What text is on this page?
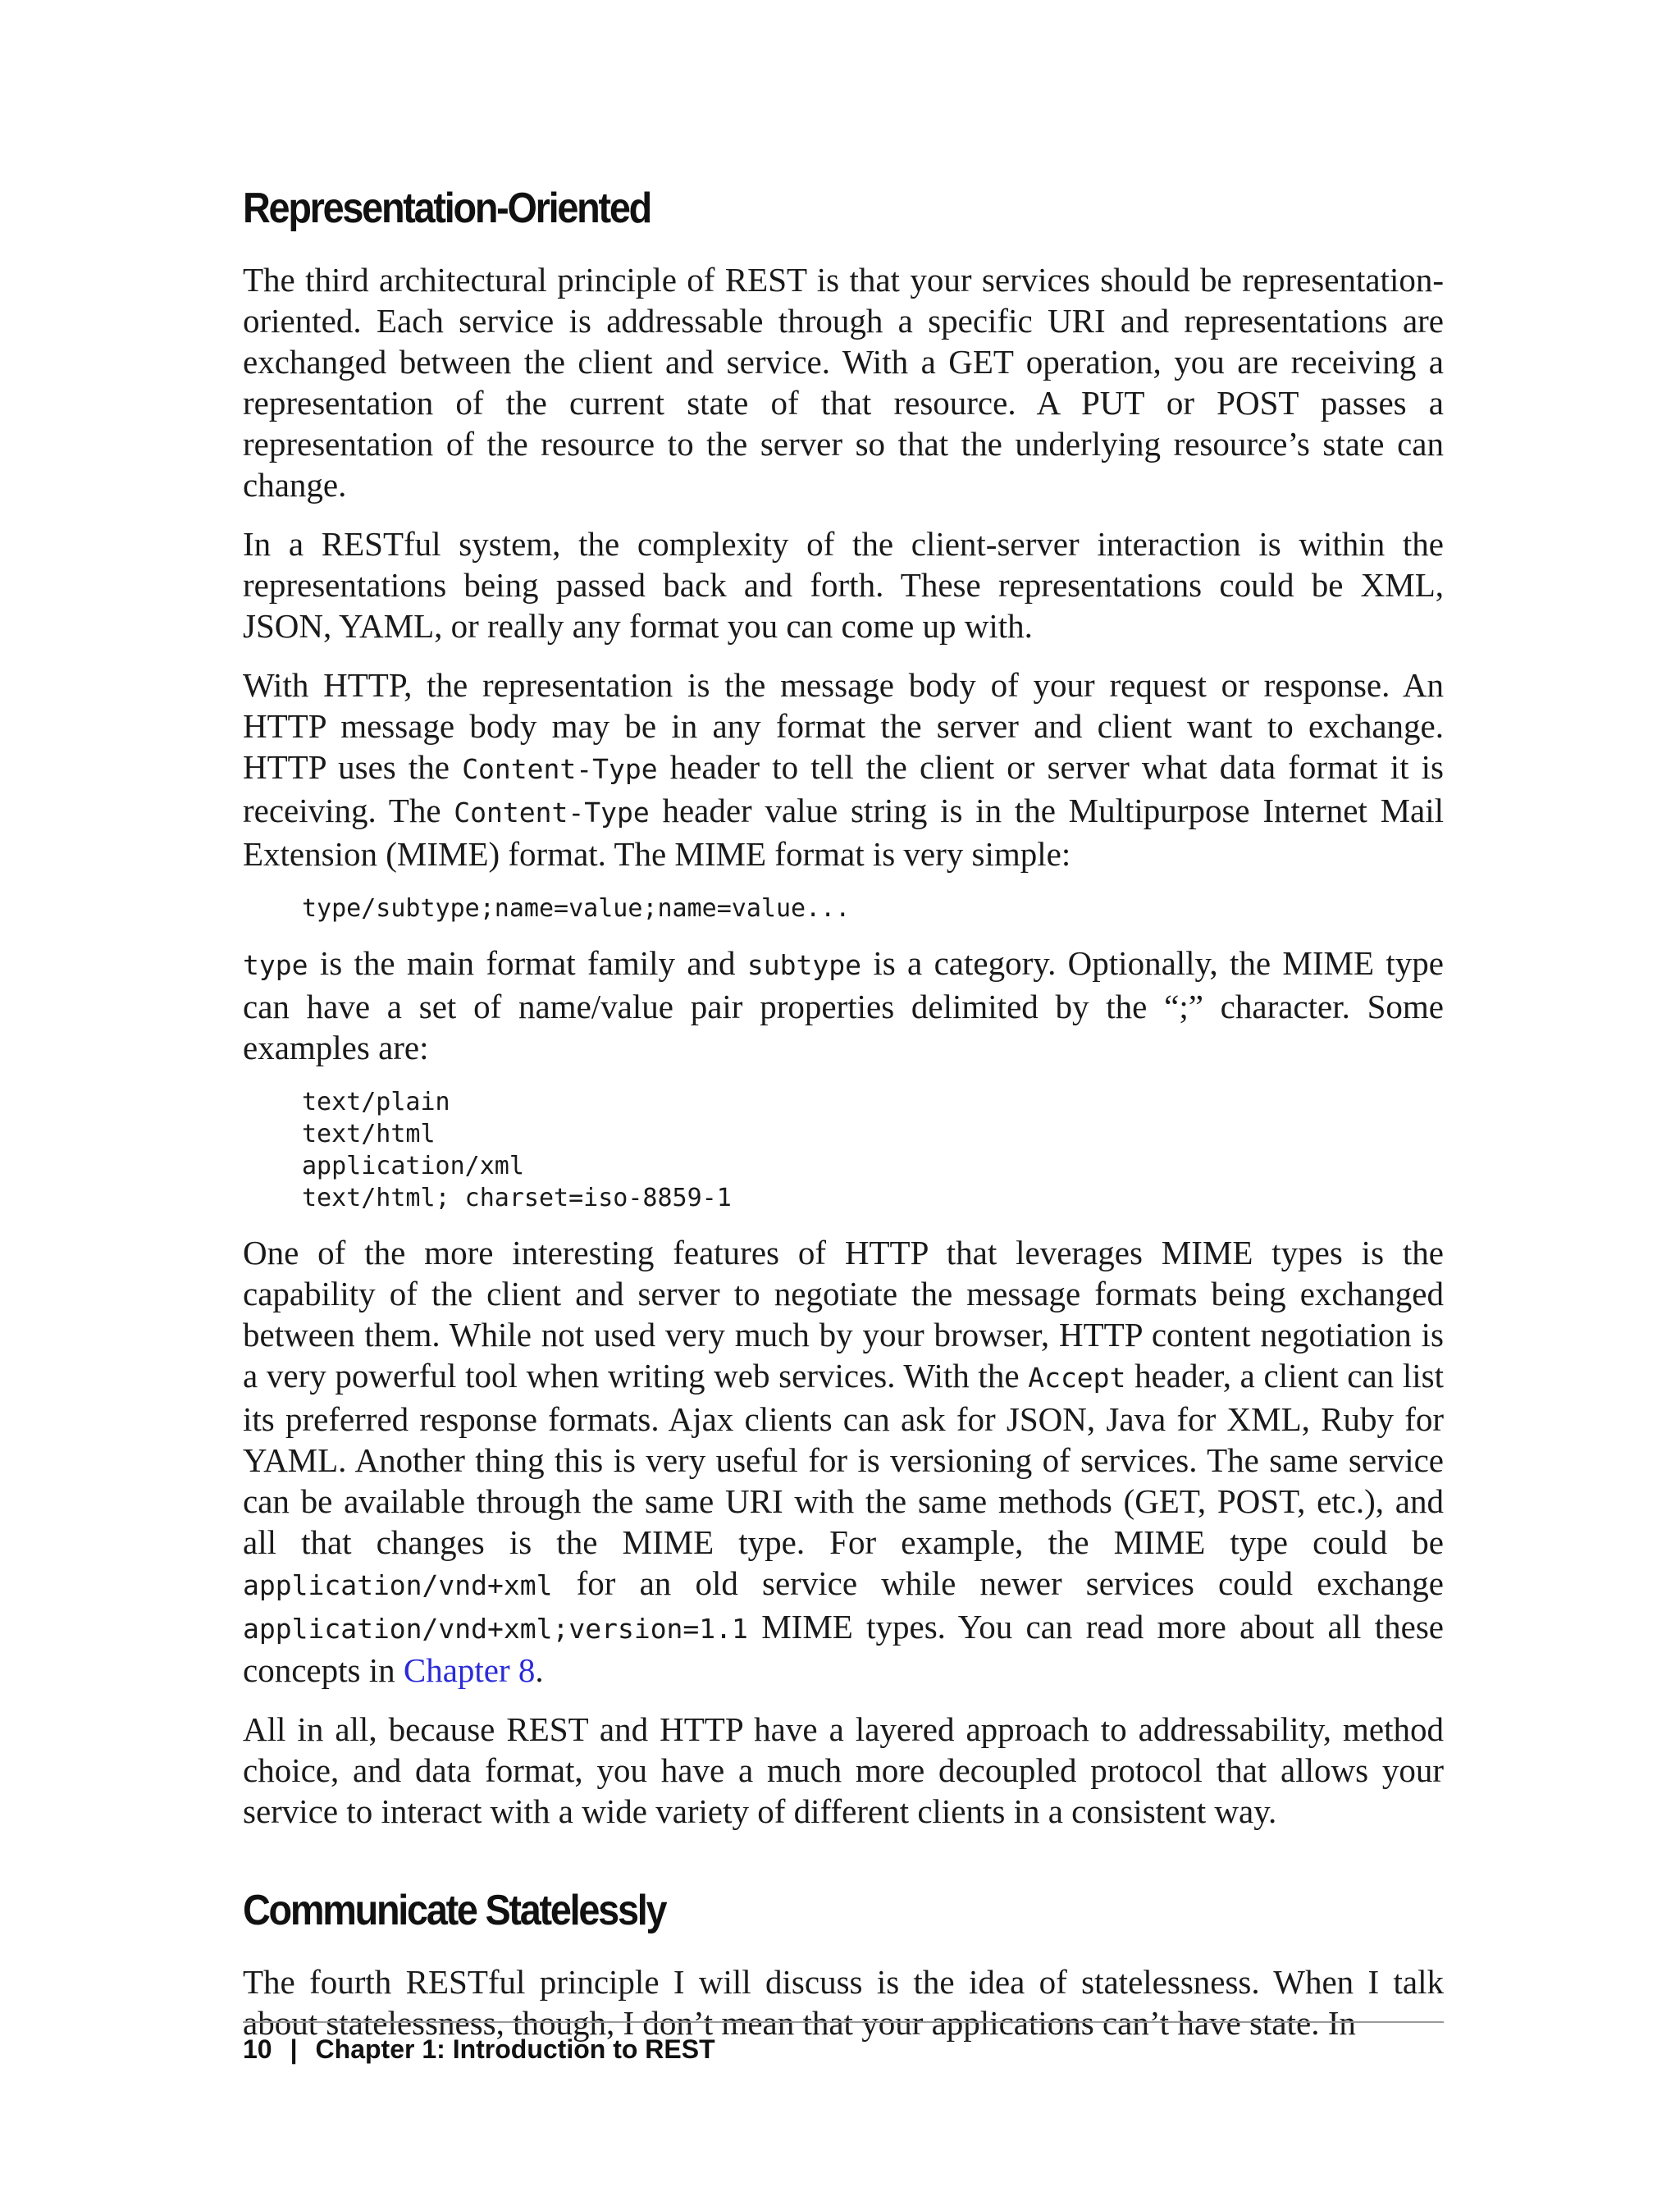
Representation-Oriented

The third architectural principle of REST is that your services should be representation-oriented. Each service is addressable through a specific URI and representations are exchanged between the client and service. With a GET operation, you are receiving a representation of the current state of that resource. A PUT or POST passes a representation of the resource to the server so that the underlying resource’s state can change.

In a RESTful system, the complexity of the client-server interaction is within the representations being passed back and forth. These representations could be XML, JSON, YAML, or really any format you can come up with.

With HTTP, the representation is the message body of your request or response. An HTTP message body may be in any format the server and client want to exchange. HTTP uses the Content-Type header to tell the client or server what data format it is receiving. The Content-Type header value string is in the Multipurpose Internet Mail Extension (MIME) format. The MIME format is very simple:

type/subtype;name=value;name=value...

type is the main format family and subtype is a category. Optionally, the MIME type can have a set of name/value pair properties delimited by the “;” character. Some examples are:

text/plain
text/html
application/xml
text/html; charset=iso-8859-1

One of the more interesting features of HTTP that leverages MIME types is the capability of the client and server to negotiate the message formats being exchanged between them. While not used very much by your browser, HTTP content negotiation is a very powerful tool when writing web services. With the Accept header, a client can list its preferred response formats. Ajax clients can ask for JSON, Java for XML, Ruby for YAML. Another thing this is very useful for is versioning of services. The same service can be available through the same URI with the same methods (GET, POST, etc.), and all that changes is the MIME type. For example, the MIME type could be application/vnd+xml for an old service while newer services could exchange application/vnd+xml;version=1.1 MIME types. You can read more about all these concepts in Chapter 8.

All in all, because REST and HTTP have a layered approach to addressability, method choice, and data format, you have a much more decoupled protocol that allows your service to interact with a wide variety of different clients in a consistent way.

Communicate Statelessly

The fourth RESTful principle I will discuss is the idea of statelessness. When I talk about statelessness, though, I don’t mean that your applications can’t have state. In

10 | Chapter 1: Introduction to REST
